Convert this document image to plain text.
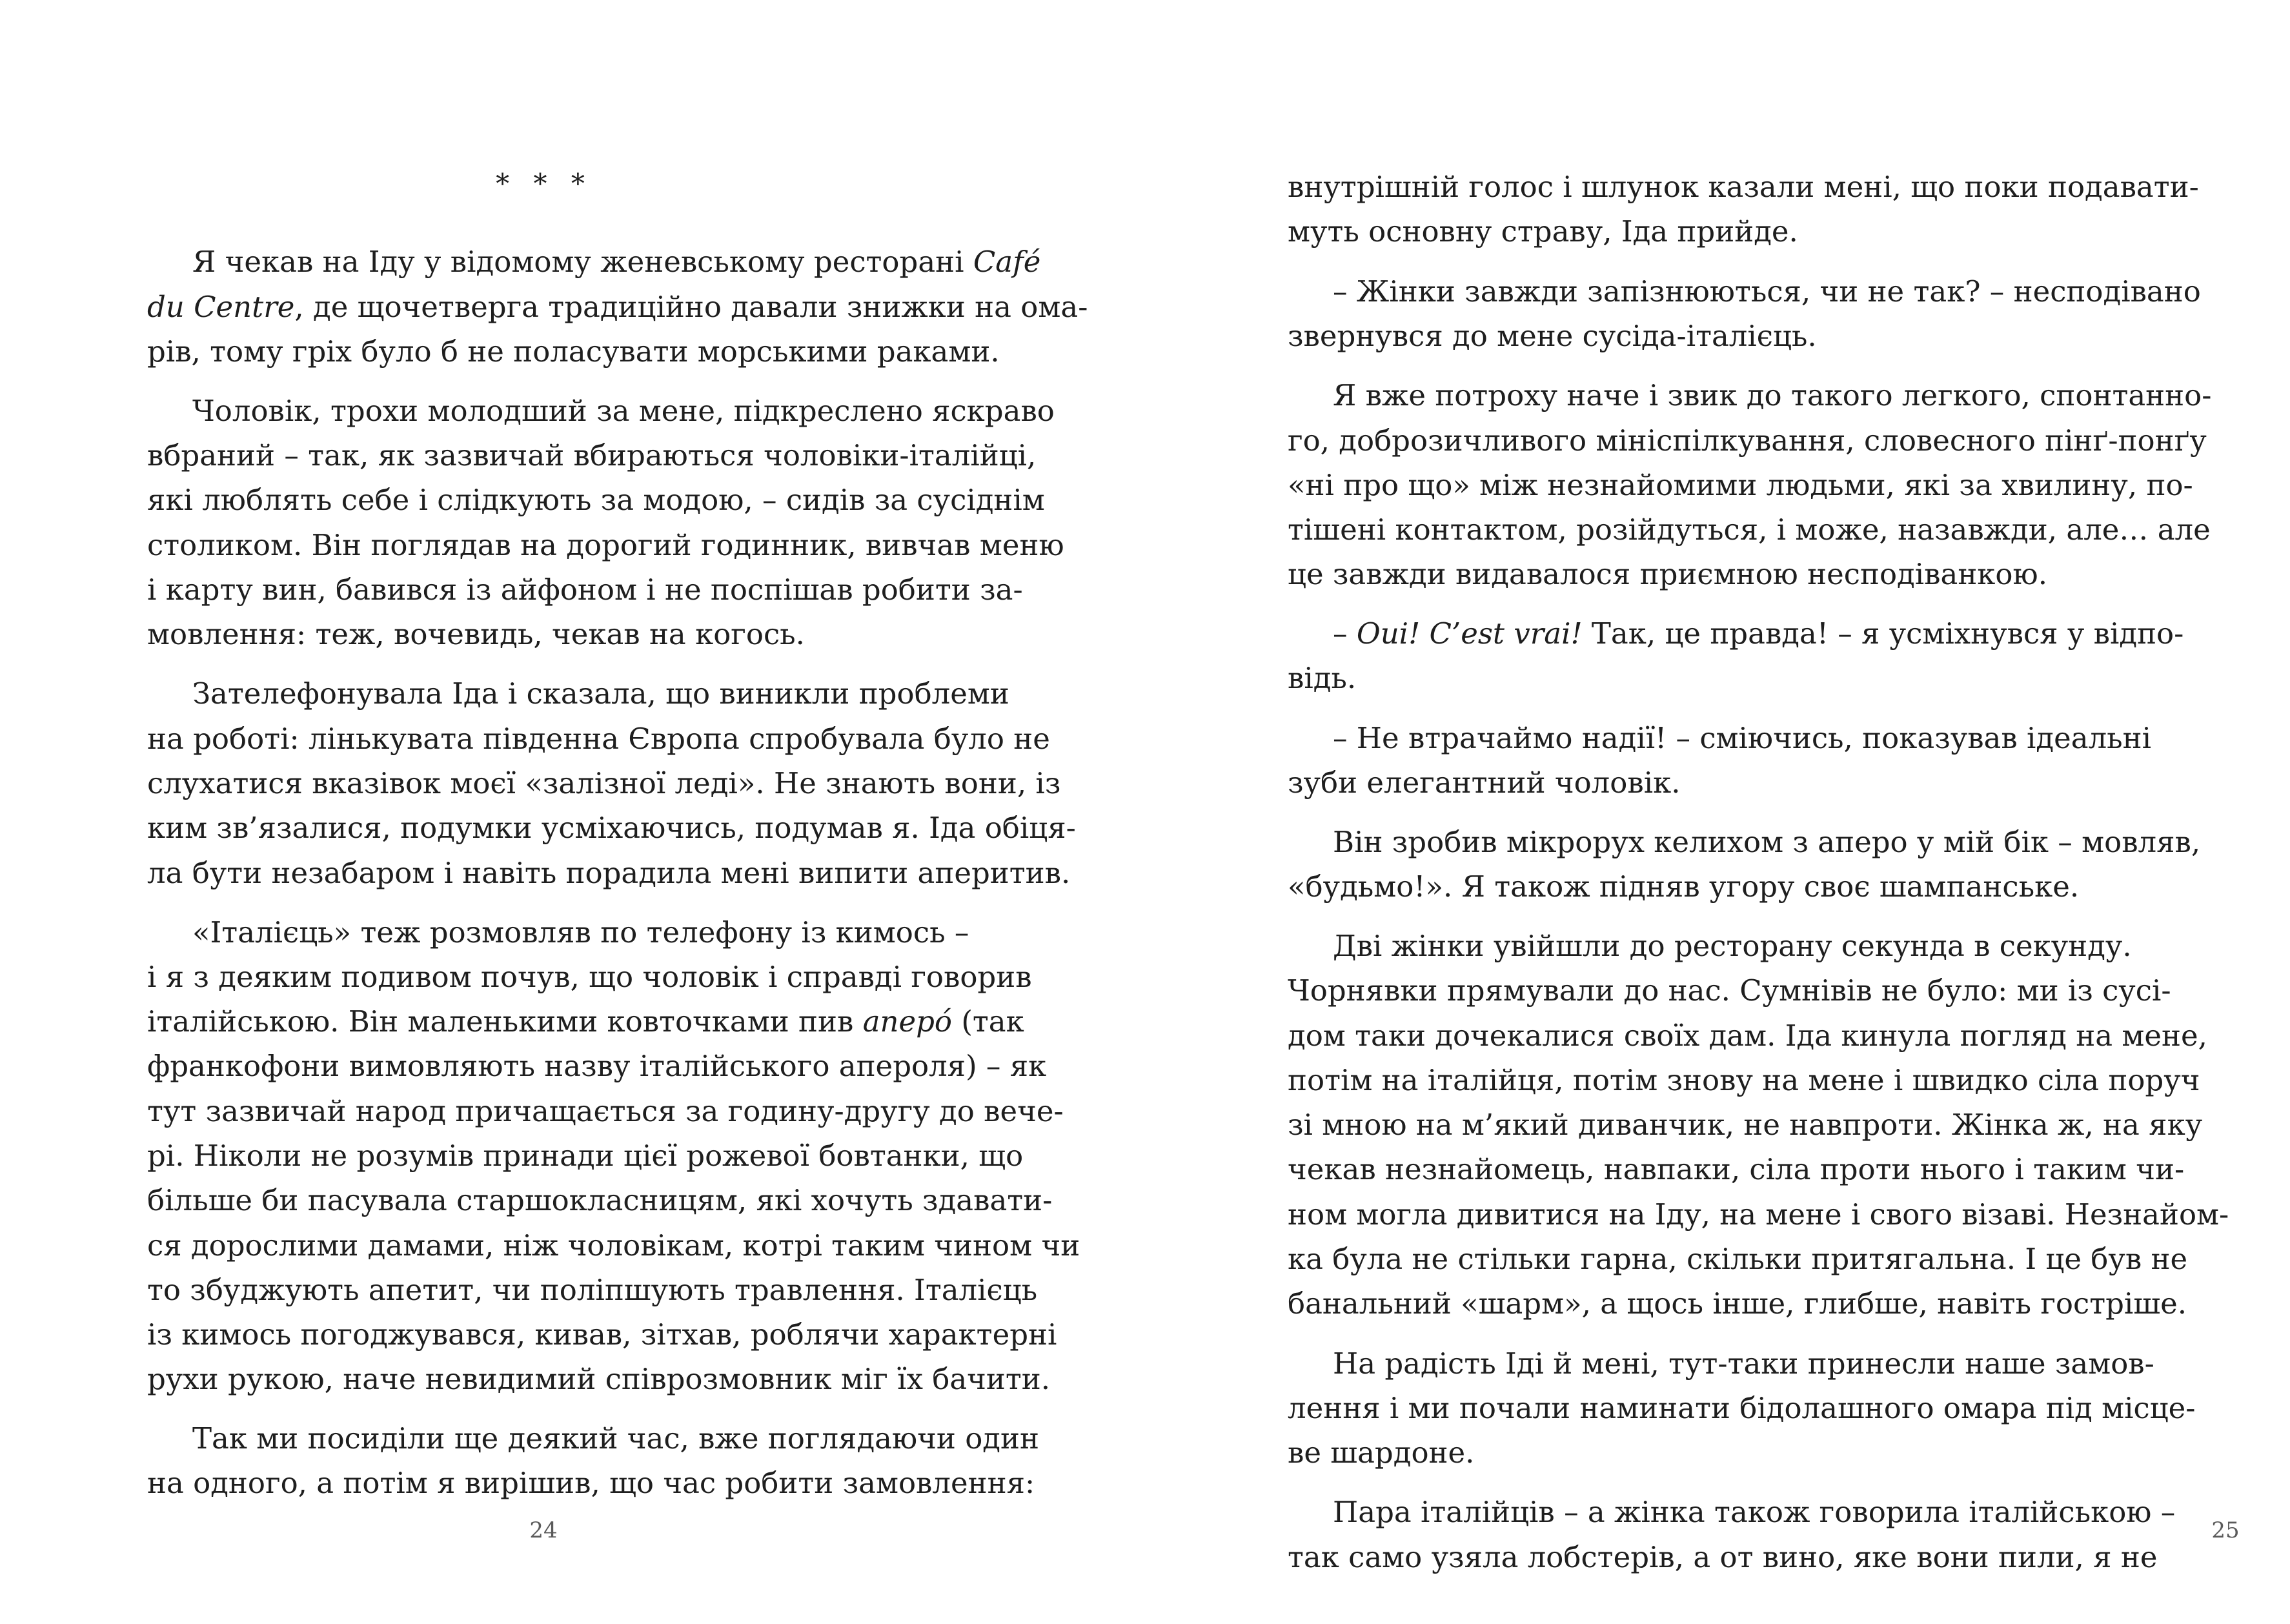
* * *
Я чекав на Іду у відомому женевському ресторані Café
du Centre, де щочетверга традиційно давали знижки на ома-
рів, тому гріх було б не поласувати морськими раками.
Чоловік, трохи молодший за мене, підкреслено яскраво
вбраний – так, як зазвичай вбираються чоловіки-італійці,
які люблять себе і слідкують за модою, – сидів за сусіднім
столиком. Він поглядав на дорогий годинник, вивчав меню
і карту вин, бавився із айфоном і не поспішав робити за-
мовлення: теж, вочевидь, чекав на когось.
Зателефонувала Іда і сказала, що виникли проблеми
на роботі: лінькувата південна Європа спробувала було не
слухатися вказівок моєї «залізної леді». Не знають вони, із
ким зв’язалися, подумки усміхаючись, подумав я. Іда обіця-
ла бути незабаром і навіть порадила мені випити аперитив.
«Італієць» теж розмовляв по телефону із кимось –
і я з деяким подивом почув, що чоловік і справді говорив
італійською. Він маленькими ковточками пив аперó (так
франкофони вимовляють назву італійського апероля) – як
тут зазвичай народ причащається за годину-другу до вече-
рі. Ніколи не розумів принади цієї рожевої бовтанки, що
більше би пасувала старшокласницям, які хочуть здавати-
ся дорослими дамами, ніж чоловікам, котрі таким чином чи
то збуджують апетит, чи поліпшують травлення. Італієць
із кимось погоджувався, кивав, зітхав, роблячи характерні
рухи рукою, наче невидимий співрозмовник міг їх бачити.
Так ми посиділи ще деякий час, вже поглядаючи один
на одного, а потім я вирішив, що час робити замовлення:
24
внутрішній голос і шлунок казали мені, що поки подавати-
муть основну страву, Іда прийде.
– Жінки завжди запізнюються, чи не так? – несподівано
звернувся до мене сусіда-італієць.
Я вже потроху наче і звик до такого легкого, спонтанно-
го, доброзичливого мініспілкування, словесного пінґ-понґу
«ні про що» між незнайомими людьми, які за хвилину, по-
тішені контактом, розійдуться, і може, назавжди, але… але
це завжди видавалося приємною несподіванкою.
– Oui! C’est vrai! Так, це правда! – я усміхнувся у відпо-
відь.
– Не втрачаймо надії! – сміючись, показував ідеальні
зуби елегантний чоловік.
Він зробив мікрорух келихом з аперо у мій бік – мовляв,
«будьмо!». Я також підняв угору своє шампанське.
Дві жінки увійшли до ресторану секунда в секунду.
Чорнявки прямували до нас. Сумнівів не було: ми із сусі-
дом таки дочекалися своїх дам. Іда кинула погляд на мене,
потім на італійця, потім знову на мене і швидко сіла поруч
зі мною на м’який диванчик, не навпроти. Жінка ж, на яку
чекав незнайомець, навпаки, сіла проти нього і таким чи-
ном могла дивитися на Іду, на мене і свого візаві. Незнайом-
ка була не стільки гарна, скільки притягальна. І це був не
банальний «шарм», а щось інше, глибше, навіть гостріше.
На радість Іді й мені, тут-таки принесли наше замов-
лення і ми почали наминати бідолашного омара під місце-
ве шардоне.
Пара італійців – а жінка також говорила італійською –
так само узяла лобстерів, а от вино, яке вони пили, я не
25
